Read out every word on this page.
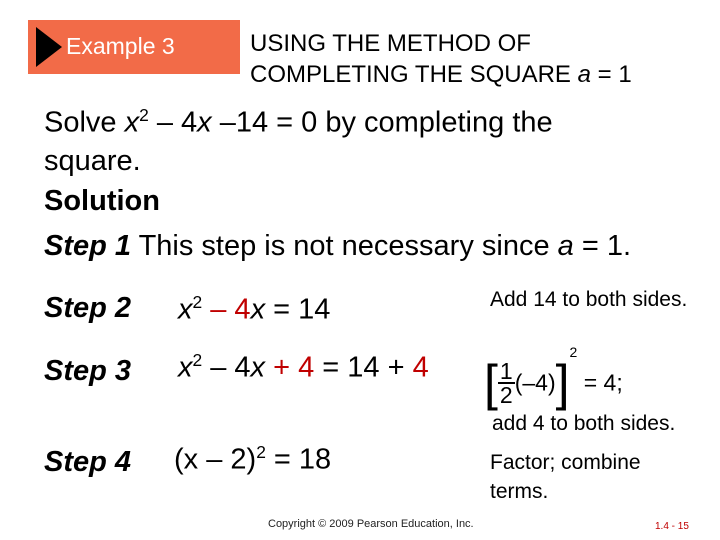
Example 3	USING THE METHOD OF
COMPLETING THE SQUARE a = 1
Solve $x^2 - 4x$ –14 = 0 by completing the
square.
Solution
Step 1 This step is not necessary since a = 1.
Step 2 $x^2 - 4x = 14$	Add 14 to both sides.
Step 3 $x^2 - 4x + 4 = 14 + 4$ [ $\frac{1}{2} (-4)]^2 = 4$;
add 4 to both sides.
Step 4 (x – 2)$^2$ = 18	Factor; combine
terms.
Copyright © 2009 Pearson Education, Inc.	1.4 - 15
